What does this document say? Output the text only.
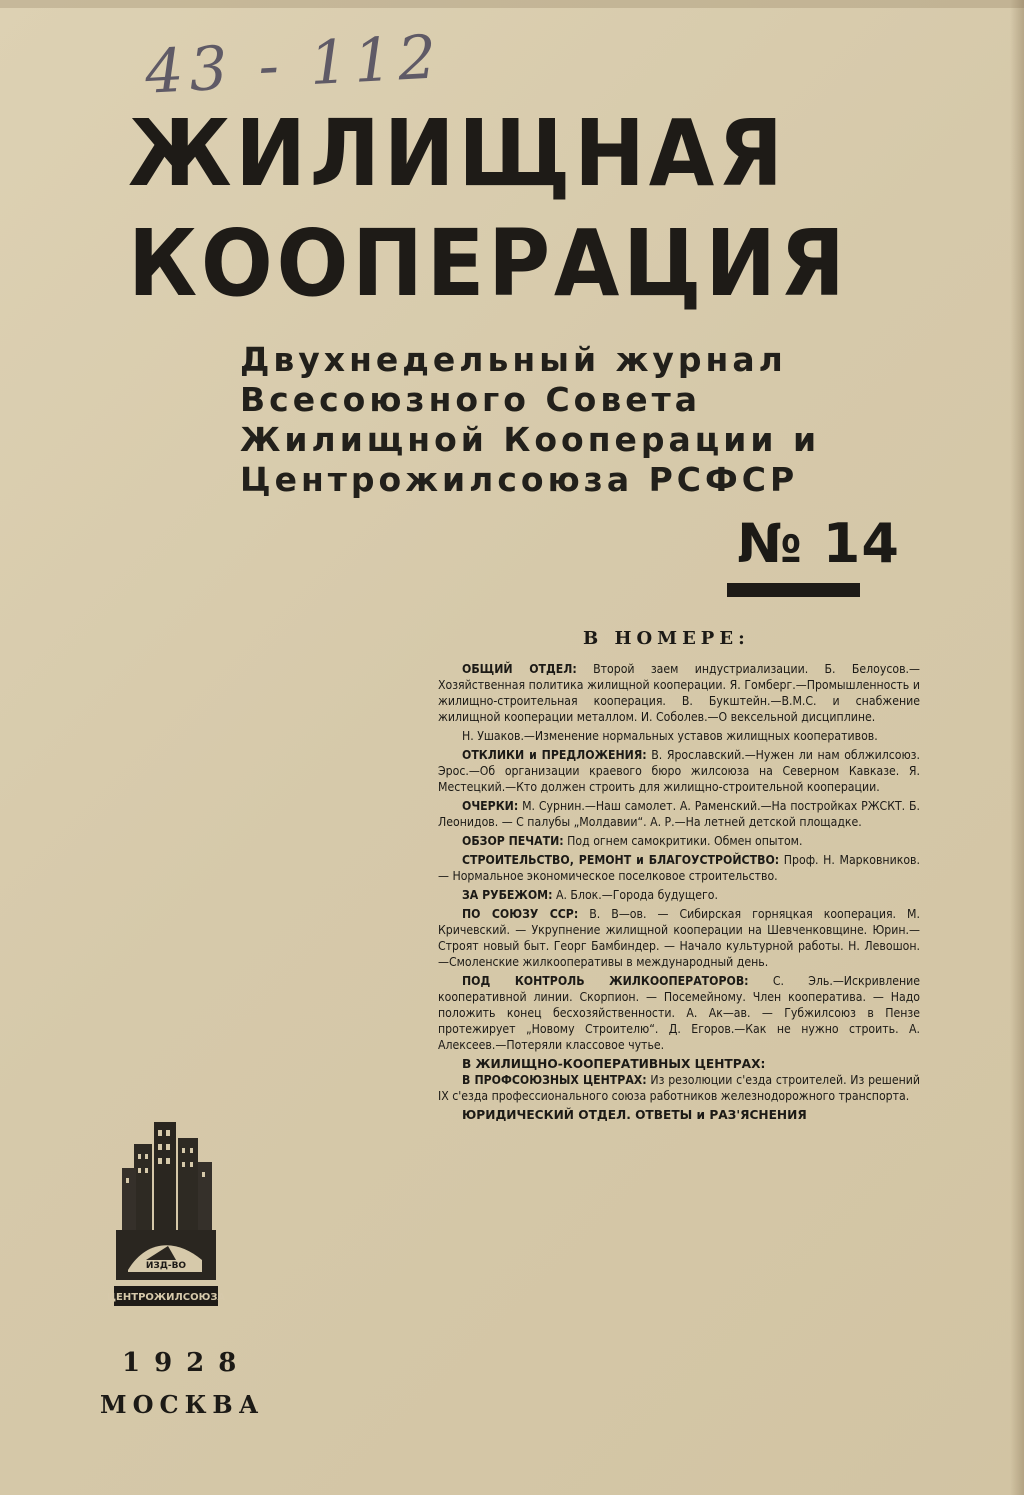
43 - 112
ЖИЛИЩНАЯ
КООПЕРАЦИЯ
Двухнедельный журнал
Всесоюзного Совета
Жилищной Кооперации и
Центрожилсоюза РСФСР
№ 14
В НОМЕРЕ:
ОБЩИЙ ОТДЕЛ: Второй заем индустриализации. Б. Белоусов.—Хозяйственная политика жилищной кооперации. Я. Гомберг.—Промышленность и жилищно-строительная кооперация. В. Букштейн.—В.М.С. и снабжение жилищной кооперации металлом. И. Соболев.—О вексельной дисциплине.
Н. Ушаков.—Изменение нормальных уставов жилищных кооперативов.
ОТКЛИКИ и ПРЕДЛОЖЕНИЯ: В. Ярославский.—Нужен ли нам облжилсоюз. Эрос.—Об организации краевого бюро жилсоюза на Северном Кавказе. Я. Местецкий.—Кто должен строить для жилищно-строительной кооперации.
ОЧЕРКИ: М. Сурнин.—Наш самолет. А. Раменский.—На постройках РЖСКТ. Б. Леонидов. — С палубы „Молдавии“. А. Р.—На летней детской площадке.
ОБЗОР ПЕЧАТИ: Под огнем самокритики. Обмен опытом.
СТРОИТЕЛЬСТВО, РЕМОНТ и БЛАГОУСТРОЙСТВО: Проф. Н. Марковников. — Нормальное экономическое поселковое строительство.
ЗА РУБЕЖОМ: А. Блок.—Города будущего.
ПО СОЮЗУ ССР: В. В—ов. — Сибирская горняцкая кооперация. М. Кричевский. — Укрупнение жилищной кооперации на Шевченковщине. Юрин.—Строят новый быт. Георг Бамбиндер. — Начало культурной работы. Н. Левошон.—Смоленские жилкооперативы в международный день.
ПОД КОНТРОЛЬ ЖИЛКООПЕРАТОРОВ: С. Эль.—Искривление кооперативной линии. Скорпион. — Посемейному. Член кооператива. — Надо положить конец бесхозяйственности. А. Ак—ав. — Губжилсоюз в Пензе протежирует „Новому Строителю“. Д. Егоров.—Как не нужно строить. А. Алексеев.—Потеряли классовое чутье.
В ЖИЛИЩНО-КООПЕРАТИВНЫХ ЦЕНТРАХ:
В ПРОФСОЮЗНЫХ ЦЕНТРАХ: Из резолюции с'езда строителей. Из решений IX с'езда профессионального союза работников железнодорожного транспорта.
ЮРИДИЧЕСКИЙ ОТДЕЛ. ОТВЕТЫ и РАЗ'ЯСНЕНИЯ
ИЗД-ВО
ЦЕНТРОЖИЛСОЮЗА
1928
МОСКВА
